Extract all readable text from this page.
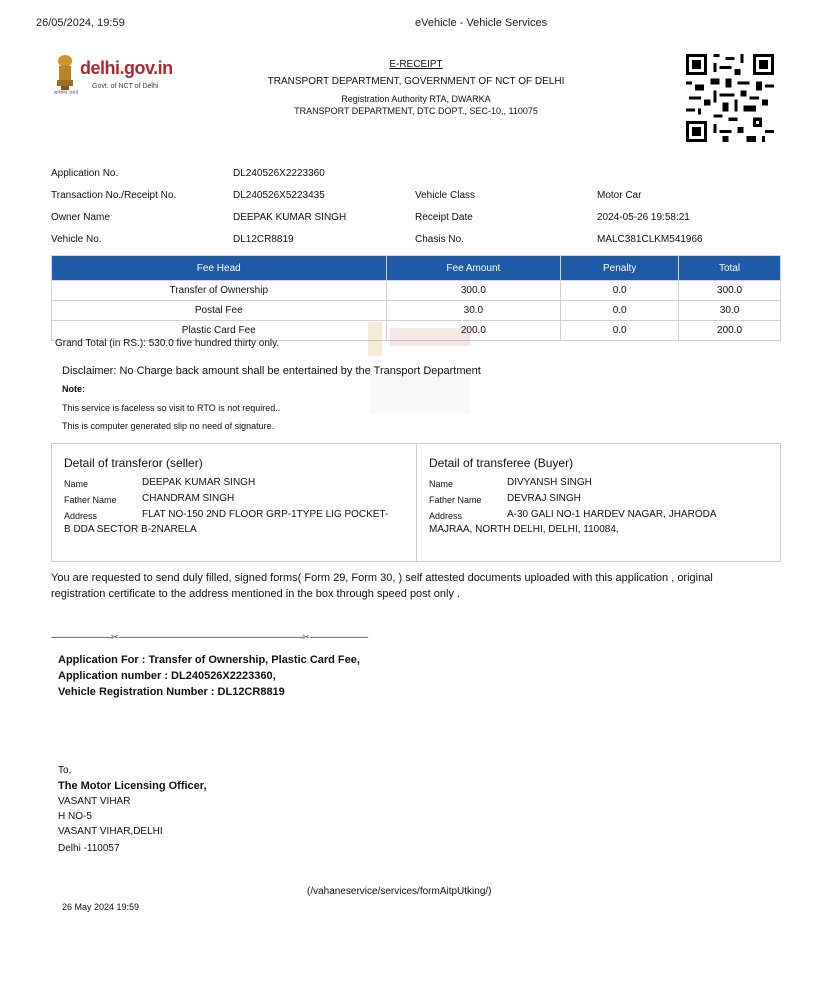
26/05/2024, 19:59	eVehicle - Vehicle Services
delhi.gov.in
Govt. of NCT of Delhi
सत्यमेव जयते
E-RECEIPT
TRANSPORT DEPARTMENT, GOVERNMENT OF NCT OF DELHI
Registration Authority RTA, DWARKA
TRANSPORT DEPARTMENT, DTC DOPT., SEC-10,, 110075
Application No.	DL240526X2223360
Transaction No./Receipt No.	DL240526X5223435	Vehicle Class	Motor Car
Owner Name	DEEPAK KUMAR SINGH	Receipt Date	2024-05-26 19:58:21
Vehicle No.	DL12CR8819	Chasis No.	MALC381CLKM541966
Fee Head	Fee Amount	Penalty	Total
Transfer of Ownership	300.0	0.0	300.0
Postal Fee	30.0	0.0	30.0
Plastic Card Fee	200.0	0.0	200.0
Grand Total (in RS.): 530.0 five hundred thirty only.
Disclaimer: No Charge back amount shall be entertained by the Transport Department
Note:
This service is faceless so visit to RTO is not required..
This is computer generated slip no need of signature.
Detail of transferor (seller)
Name	DEEPAK KUMAR SINGH
Father Name	CHANDRAM SINGH
Address	FLAT NO-150 2ND FLOOR GRP-1TYPE LIG POCKET-
B DDA SECTOR B-2NARELA
Detail of transferee (Buyer)
Name	DIVYANSH SINGH
Father Name	DEVRAJ SINGH
Address	A-30 GALI NO-1 HARDEV NAGAR, JHARODA
MAJRAA, NORTH DELHI, DELHI, 110084,
You are requested to send duly filled, signed forms( Form 29, Form 30, ) self attested documents uploaded with this application , original
registration certificate to the address mentioned in the box through speed post only .
------------------------------✂--------------------------------------------------------------------------------------------✂-----------------------------
Application For : Transfer of Ownership, Plastic Card Fee,
Application number : DL240526X2223360,
Vehicle Registration Number : DL12CR8819
To,
The Motor Licensing Officer,
VASANT VIHAR
H NO-5
VASANT VIHAR,DELHI
Delhi -110057
(/vahaneservice/services/formAitpUtking/)
26 May 2024 19:59
